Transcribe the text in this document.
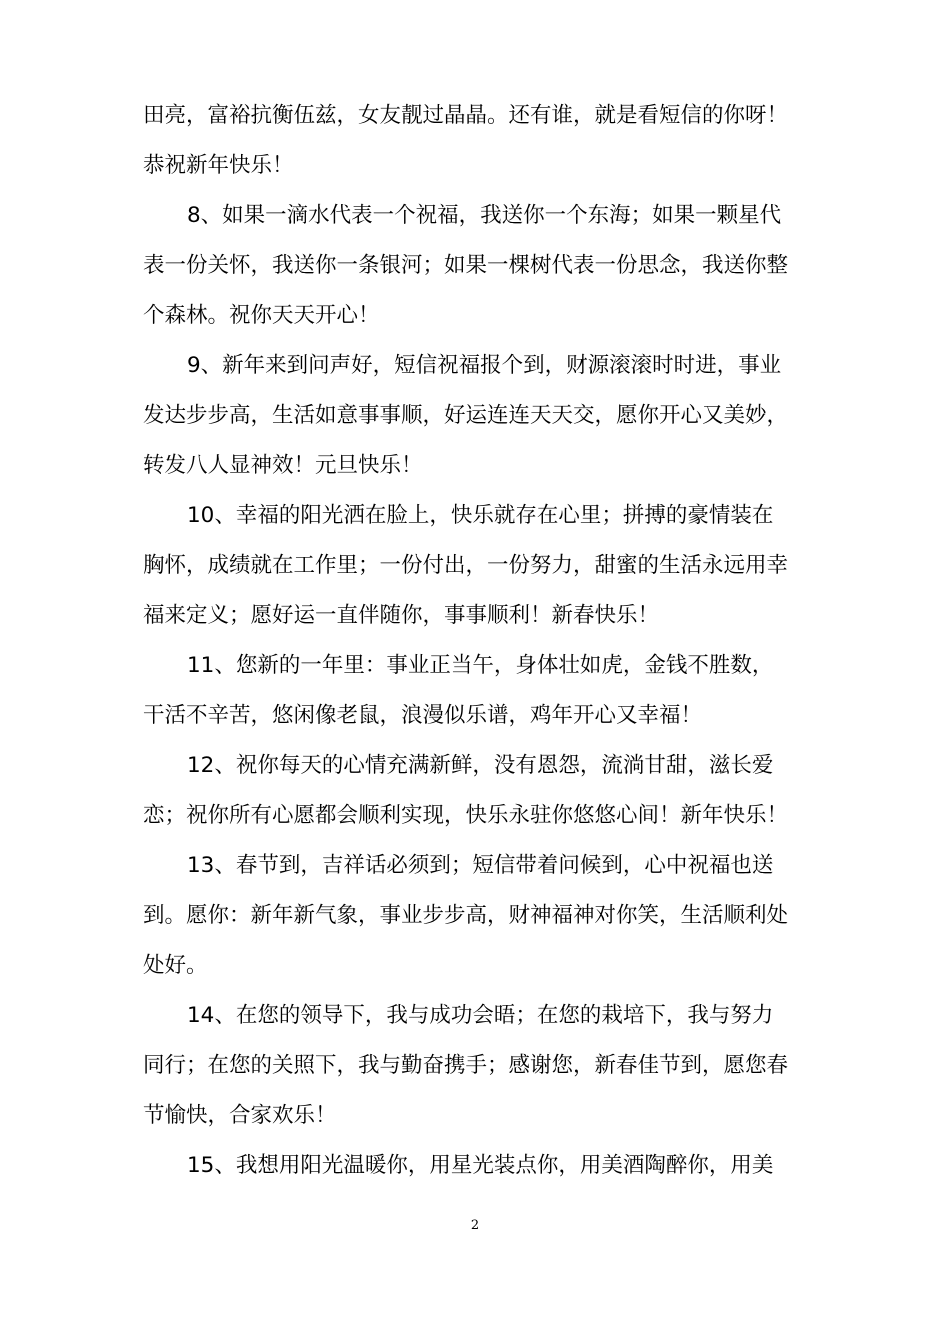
田亮，富裕抗衡伍兹，女友靓过晶晶。还有谁，就是看短信的你呀！
恭祝新年快乐！
8、如果一滴水代表一个祝福，我送你一个东海；如果一颗星代
表一份关怀，我送你一条银河；如果一棵树代表一份思念，我送你整
个森林。祝你天天开心！
9、新年来到问声好，短信祝福报个到，财源滚滚时时进，事业
发达步步高，生活如意事事顺，好运连连天天交，愿你开心又美妙，
转发八人显神效！元旦快乐！
10、幸福的阳光洒在脸上，快乐就存在心里；拼搏的豪情装在
胸怀，成绩就在工作里；一份付出，一份努力，甜蜜的生活永远用幸
福来定义；愿好运一直伴随你，事事顺利！新春快乐！
11、您新的一年里：事业正当午，身体壮如虎，金钱不胜数，
干活不辛苦，悠闲像老鼠，浪漫似乐谱，鸡年开心又幸福！
12、祝你每天的心情充满新鲜，没有恩怨，流淌甘甜，滋长爱
恋；祝你所有心愿都会顺利实现，快乐永驻你悠悠心间！新年快乐！
13、春节到，吉祥话必须到；短信带着问候到，心中祝福也送
到。愿你：新年新气象，事业步步高，财神福神对你笑，生活顺利处
处好。
14、在您的领导下，我与成功会晤；在您的栽培下，我与努力
同行；在您的关照下，我与勤奋携手；感谢您，新春佳节到，愿您春
节愉快，合家欢乐！
15、我想用阳光温暖你，用星光装点你，用美酒陶醉你，用美
2
